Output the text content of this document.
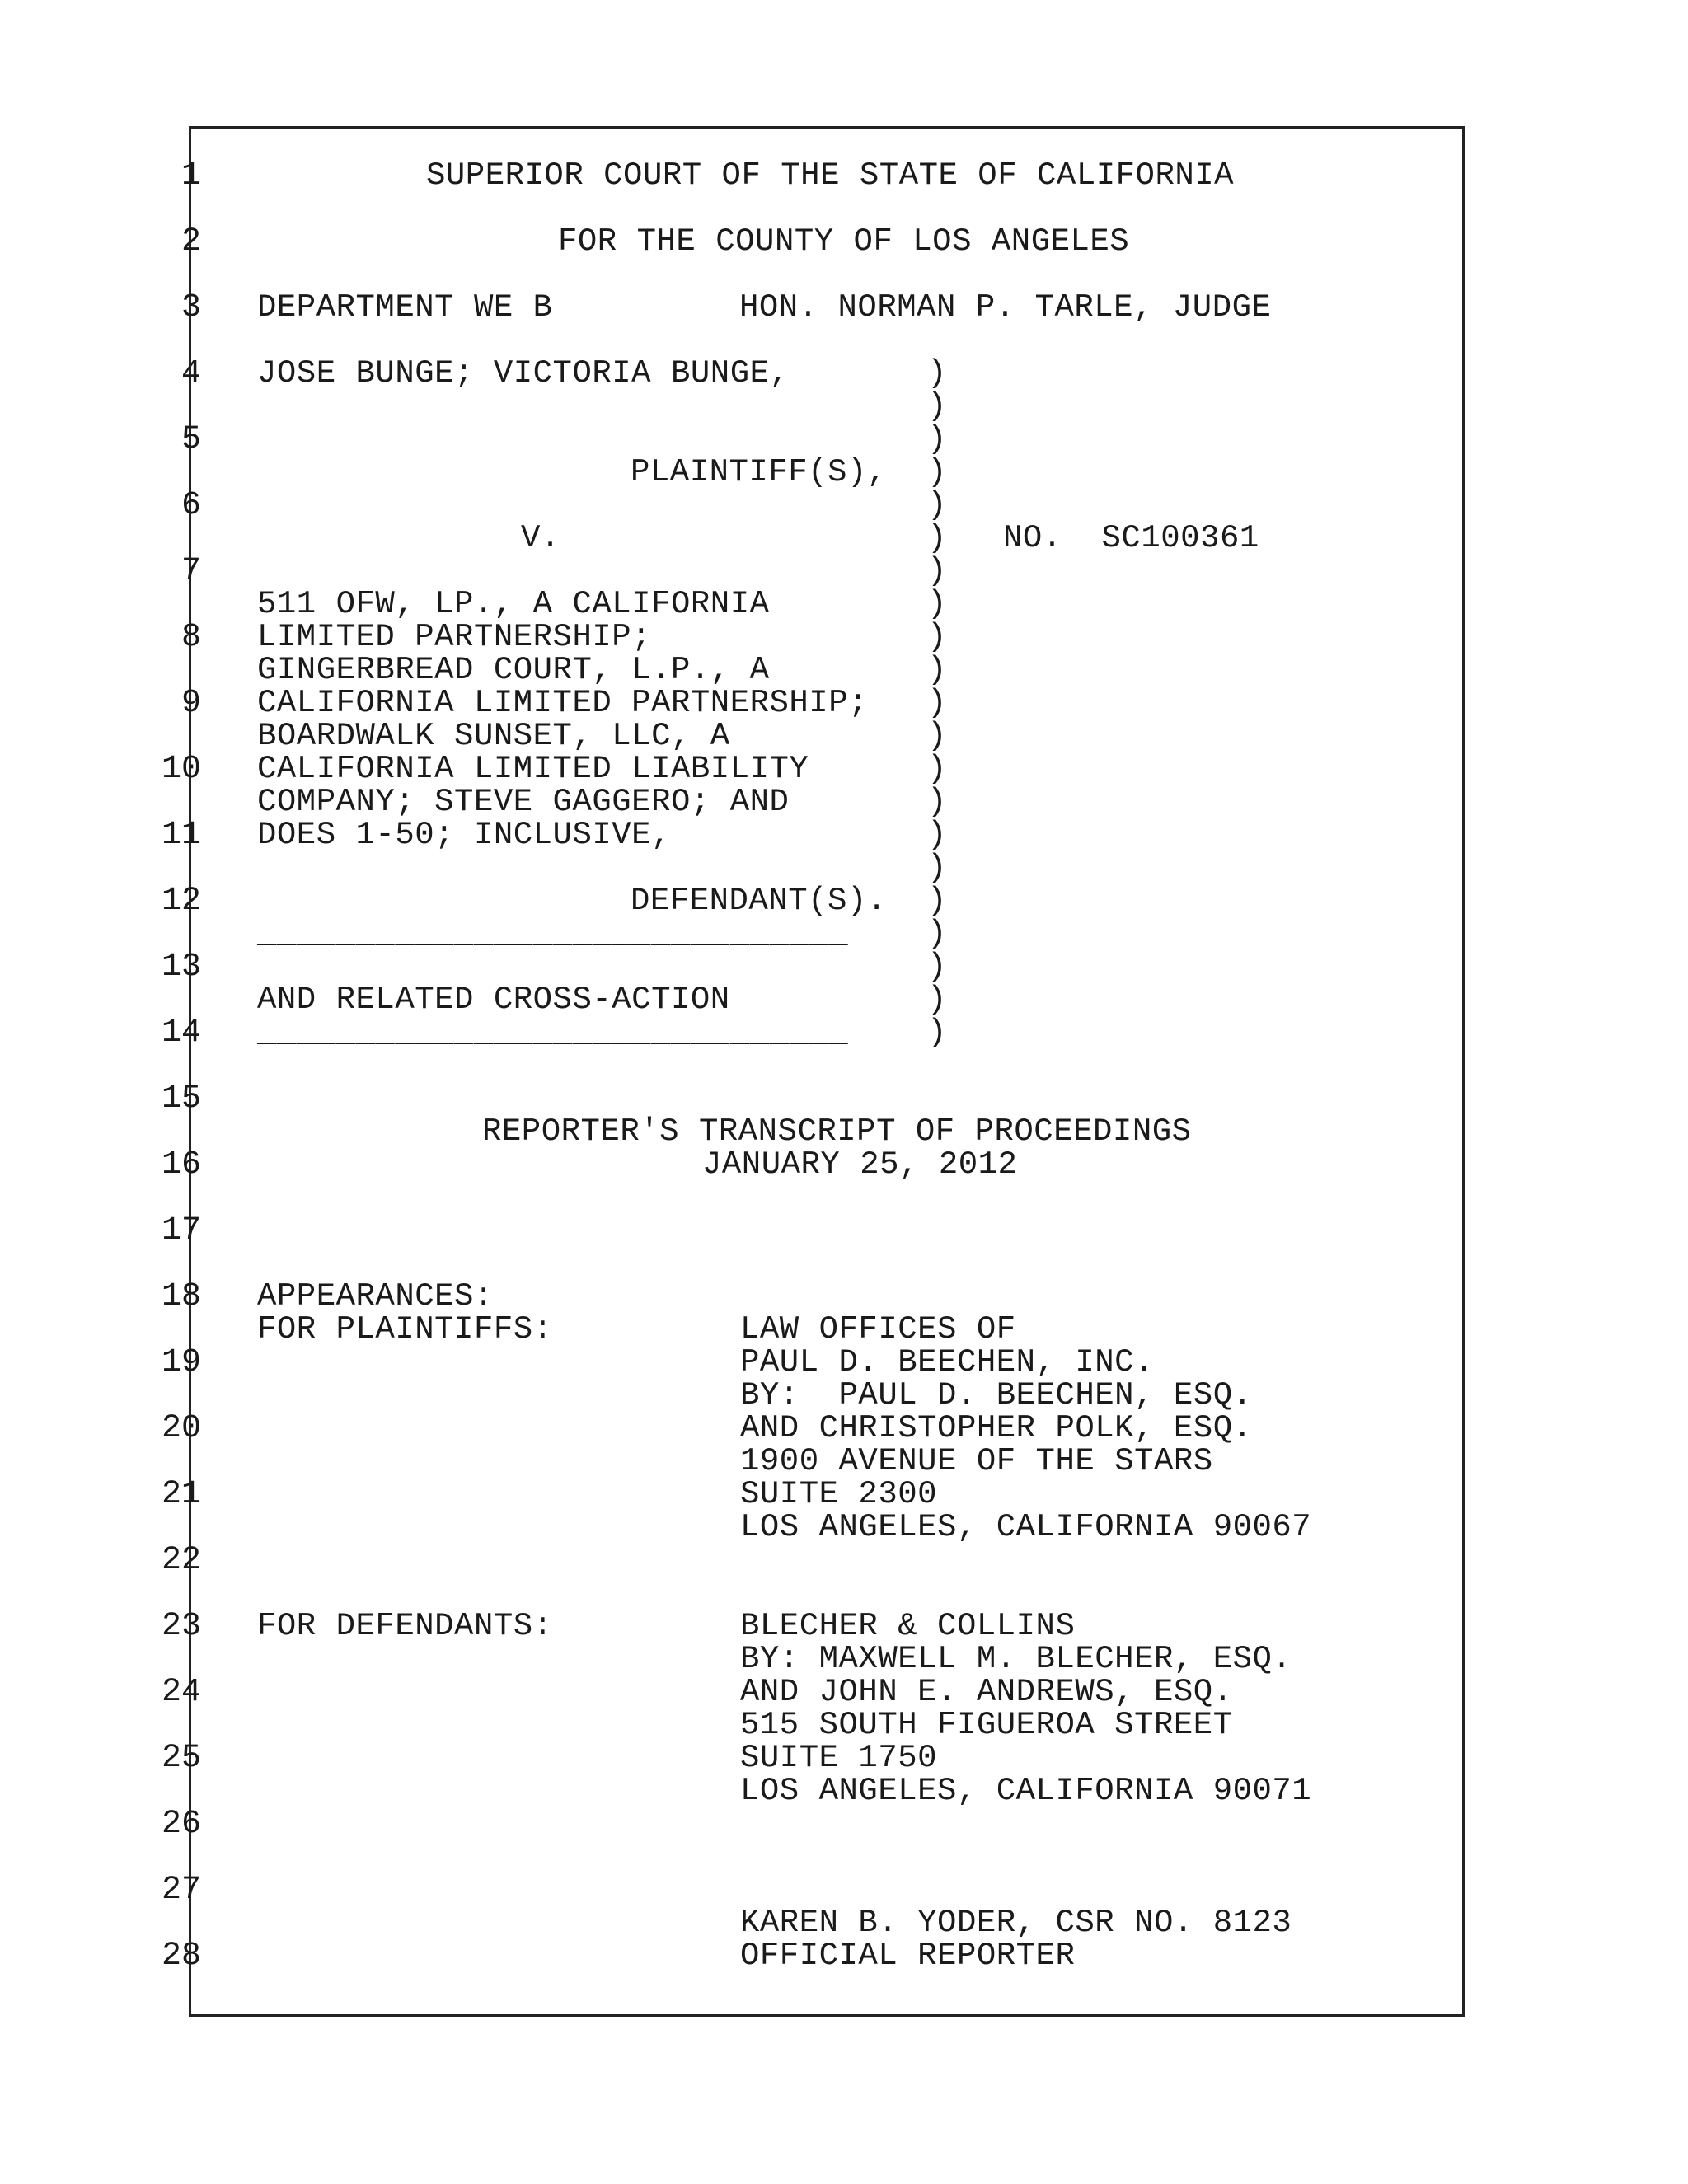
SUPERIOR COURT OF THE STATE OF CALIFORNIA
FOR THE COUNTY OF LOS ANGELES
DEPARTMENT WE B	HON. NORMAN P. TARLE, JUDGE
JOSE BUNGE; VICTORIA BUNGE,
PLAINTIFF(S),
V.	NO.  SC100361
511 OFW, LP., A CALIFORNIA
LIMITED PARTNERSHIP;
GINGERBREAD COURT, L.P., A
CALIFORNIA LIMITED PARTNERSHIP;
BOARDWALK SUNSET, LLC, A
CALIFORNIA LIMITED LIABILITY
COMPANY; STEVE GAGGERO; AND
DOES 1-50; INCLUSIVE,
DEFENDANT(S).
______________________________
AND RELATED CROSS-ACTION
______________________________
REPORTER'S TRANSCRIPT OF PROCEEDINGS
JANUARY 25, 2012
APPEARANCES:
FOR PLAINTIFFS:	LAW OFFICES OF
PAUL D. BEECHEN, INC.
BY:  PAUL D. BEECHEN, ESQ.
AND CHRISTOPHER POLK, ESQ.
1900 AVENUE OF THE STARS
SUITE 2300
LOS ANGELES, CALIFORNIA 90067
FOR DEFENDANTS:	BLECHER & COLLINS
BY: MAXWELL M. BLECHER, ESQ.
AND JOHN E. ANDREWS, ESQ.
515 SOUTH FIGUEROA STREET
SUITE 1750
LOS ANGELES, CALIFORNIA 90071
KAREN B. YODER, CSR NO. 8123
OFFICIAL REPORTER
1
2
3
4
5
6
7
8
9
10
11
12
13
14
15
16
17
18
19
20
21
22
23
24
25
26
27
28
)
)
)
)
)
)
)
)
)
)
)
)
)
)
)
)
)
)
)
)
)
